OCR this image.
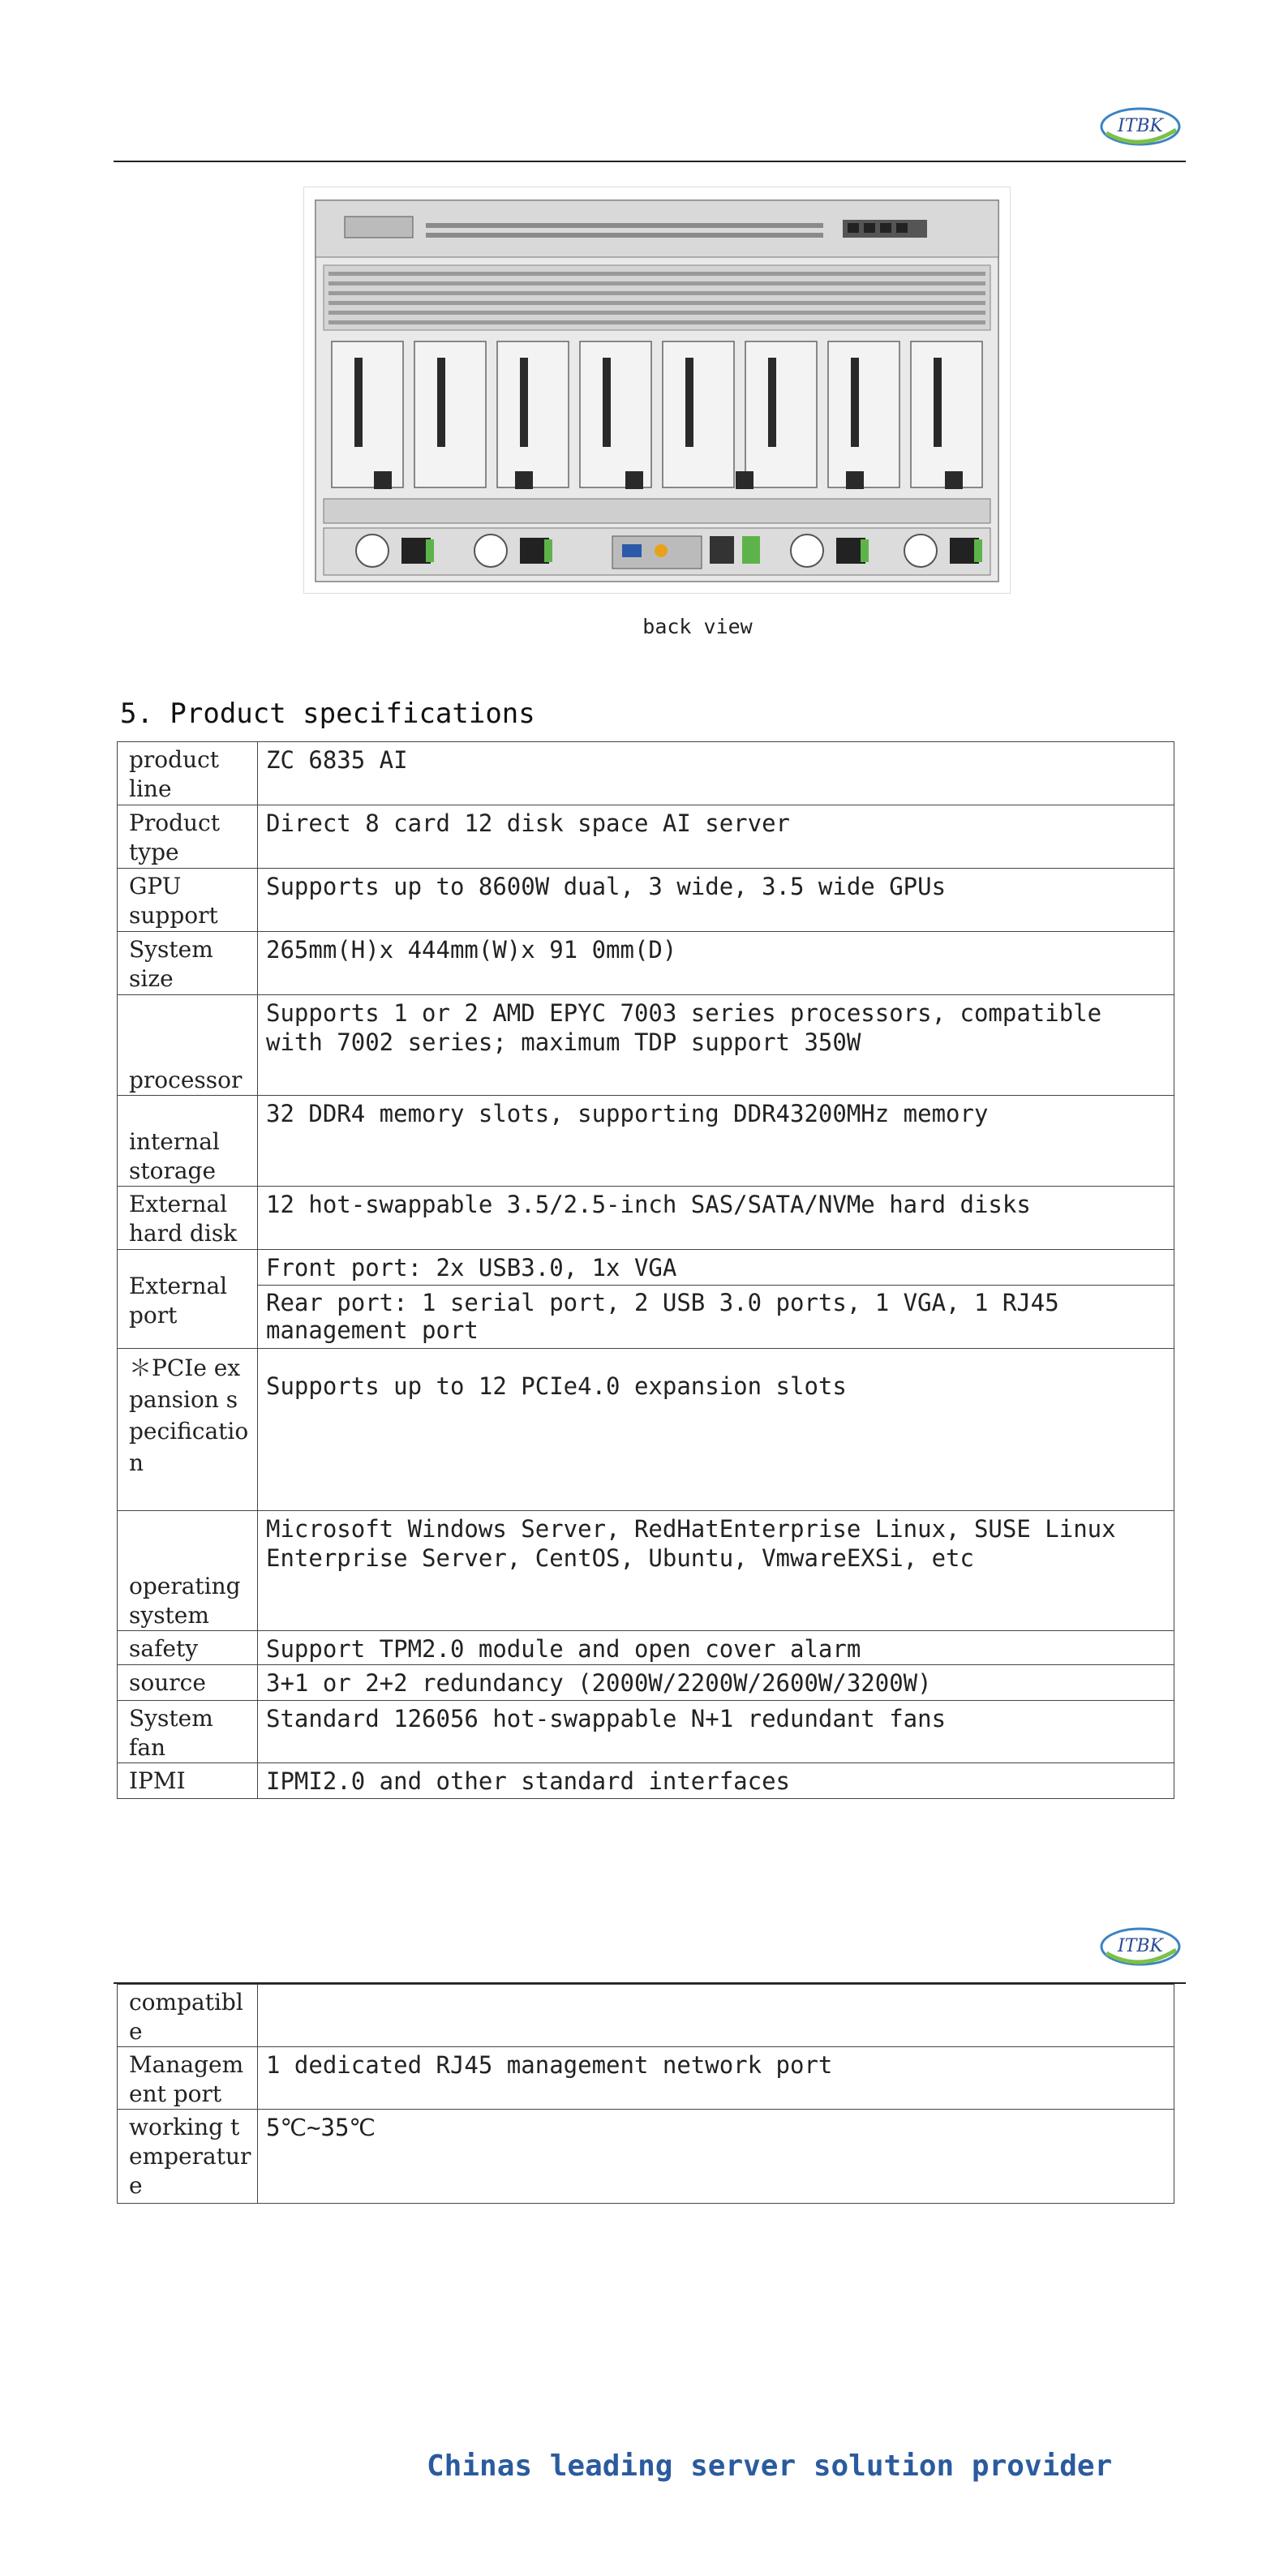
ITBK
back view
5. Product specifications
product line	ZC 6835 AI
Product type	Direct 8 card 12 disk space AI server
GPU support	Supports up to 8600W dual, 3 wide, 3.5 wide GPUs
System size	265mm(H)x 444mm(W)x 91 0mm(D)
processor	Supports 1 or 2 AMD EPYC 7003 series processors, compatible with 7002 series; maximum TDP support 350W
internal storage	32 DDR4 memory slots, supporting DDR43200MHz memory
External hard disk	12 hot-swappable 3.5/2.5-inch SAS/SATA/NVMe hard disks
External port	Front port: 2x USB3.0, 1x VGA
	Rear port: 1 serial port, 2 USB 3.0 ports, 1 VGA, 1 RJ45 management port
＊PCIe expansion specification	Supports up to 12 PCIe4.0 expansion slots
operating system	Microsoft Windows Server, RedHatEnterprise Linux, SUSE Linux Enterprise Server, CentOS, Ubuntu, VmwareEXSi, etc
safety	Support TPM2.0 module and open cover alarm
source	3+1 or 2+2 redundancy (2000W/2200W/2600W/3200W)
System fan	Standard 126056 hot-swappable N+1 redundant fans
IPMI	IPMI2.0 and other standard interfaces
ITBK
compatible	
Management port	1 dedicated RJ45 management network port
working temperature	5℃~35℃
Chinas leading server solution provider
